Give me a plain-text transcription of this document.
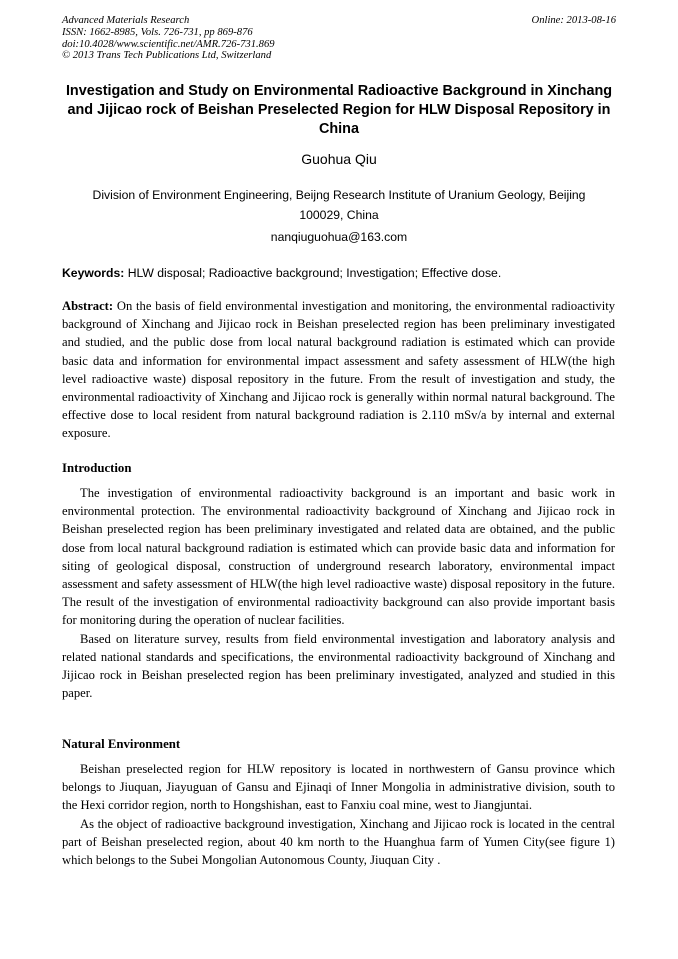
Advanced Materials Research
ISSN: 1662-8985, Vols. 726-731, pp 869-876
doi:10.4028/www.scientific.net/AMR.726-731.869
© 2013 Trans Tech Publications Ltd, Switzerland
Online: 2013-08-16
Investigation and Study on Environmental Radioactive Background in Xinchang and Jijicao rock of Beishan Preselected Region for HLW Disposal Repository in China
Guohua Qiu
Division of Environment Engineering, Beijng Research Institute of Uranium Geology, Beijing 100029, China
nanqiuguohua@163.com
Keywords: HLW disposal; Radioactive background; Investigation; Effective dose.
Abstract: On the basis of field environmental investigation and monitoring, the environmental radioactivity background of Xinchang and Jijicao rock in Beishan preselected region has been preliminary investigated and studied, and the public dose from local natural background radiation is estimated which can provide basic data and information for environmental impact assessment and safety assessment of HLW(the high level radioactive waste) disposal repository in the future. From the result of investigation and study, the environmental radioactivity of Xinchang and Jijicao rock is generally within normal natural background. The effective dose to local resident from natural background radiation is 2.110 mSv/a by internal and external exposure.
Introduction

The investigation of environmental radioactivity background is an important and basic work in environmental protection. The environmental radioactivity background of Xinchang and Jijicao rock in Beishan preselected region has been preliminary investigated and related data are obtained, and the public dose from local natural background radiation is estimated which can provide basic data and information for siting of geological disposal, construction of underground research laboratory, environmental impact assessment and safety assessment of HLW(the high level radioactive waste) disposal repository in the future. The result of the investigation of environmental radioactivity background can also provide important basis for monitoring during the operation of nuclear facilities.

Based on literature survey, results from field environmental investigation and laboratory analysis and related national standards and specifications, the environmental radioactivity background of Xinchang and Jijicao rock in Beishan preselected region has been preliminary investigated, analyzed and studied in this paper.

Natural Environment

Beishan preselected region for HLW repository is located in northwestern of Gansu province which belongs to Jiuquan, Jiayuguan of Gansu and Ejinaqi of Inner Mongolia in administrative division, south to the Hexi corridor region, north to Hongshishan, east to Fanxiu coal mine, west to Jiangjuntai.

As the object of radioactive background investigation, Xinchang and Jijicao rock is located in the central part of Beishan preselected region, about 40 km north to the Huanghua farm of Yumen City(see figure 1) which belongs to the Subei Mongolian Autonomous County, Jiuquan City .
